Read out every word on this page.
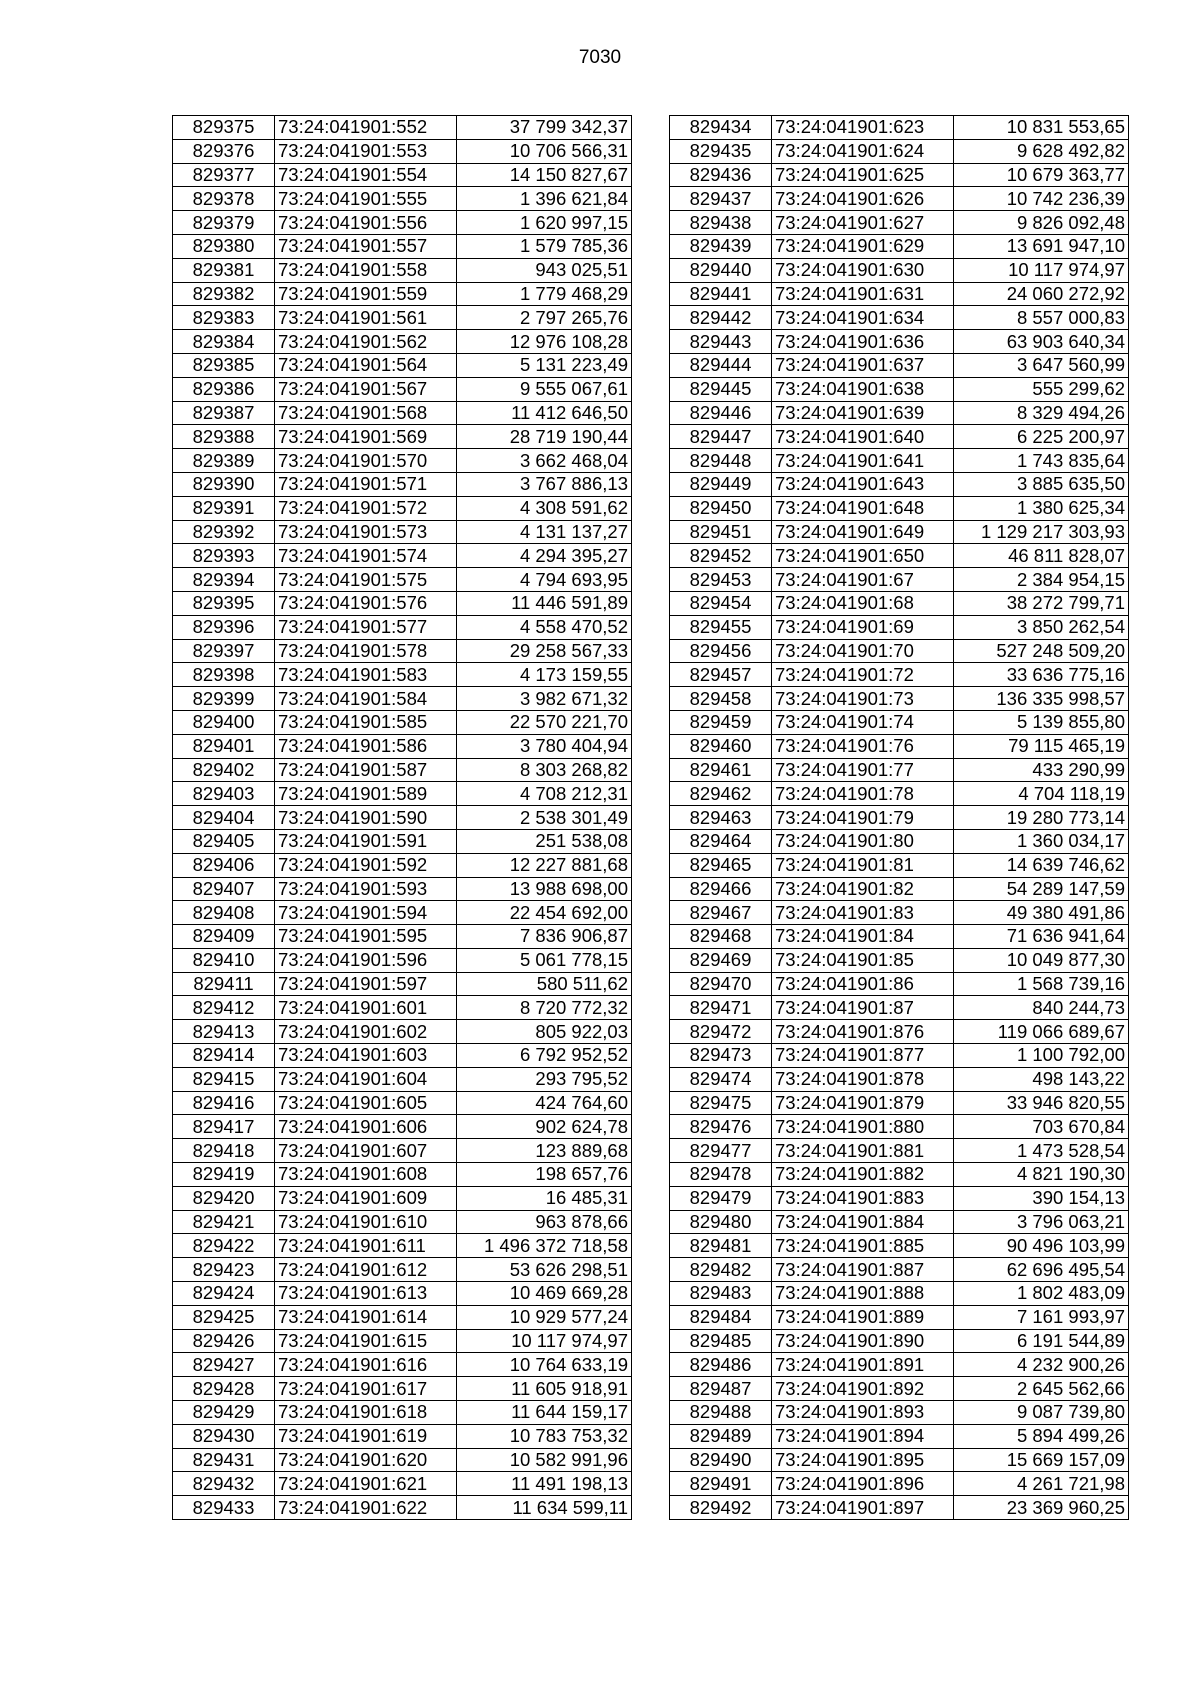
7030
829375	73:24:041901:552	37 799 342,37
829376	73:24:041901:553	10 706 566,31
829377	73:24:041901:554	14 150 827,67
829378	73:24:041901:555	1 396 621,84
829379	73:24:041901:556	1 620 997,15
829380	73:24:041901:557	1 579 785,36
829381	73:24:041901:558	943 025,51
829382	73:24:041901:559	1 779 468,29
829383	73:24:041901:561	2 797 265,76
829384	73:24:041901:562	12 976 108,28
829385	73:24:041901:564	5 131 223,49
829386	73:24:041901:567	9 555 067,61
829387	73:24:041901:568	11 412 646,50
829388	73:24:041901:569	28 719 190,44
829389	73:24:041901:570	3 662 468,04
829390	73:24:041901:571	3 767 886,13
829391	73:24:041901:572	4 308 591,62
829392	73:24:041901:573	4 131 137,27
829393	73:24:041901:574	4 294 395,27
829394	73:24:041901:575	4 794 693,95
829395	73:24:041901:576	11 446 591,89
829396	73:24:041901:577	4 558 470,52
829397	73:24:041901:578	29 258 567,33
829398	73:24:041901:583	4 173 159,55
829399	73:24:041901:584	3 982 671,32
829400	73:24:041901:585	22 570 221,70
829401	73:24:041901:586	3 780 404,94
829402	73:24:041901:587	8 303 268,82
829403	73:24:041901:589	4 708 212,31
829404	73:24:041901:590	2 538 301,49
829405	73:24:041901:591	251 538,08
829406	73:24:041901:592	12 227 881,68
829407	73:24:041901:593	13 988 698,00
829408	73:24:041901:594	22 454 692,00
829409	73:24:041901:595	7 836 906,87
829410	73:24:041901:596	5 061 778,15
829411	73:24:041901:597	580 511,62
829412	73:24:041901:601	8 720 772,32
829413	73:24:041901:602	805 922,03
829414	73:24:041901:603	6 792 952,52
829415	73:24:041901:604	293 795,52
829416	73:24:041901:605	424 764,60
829417	73:24:041901:606	902 624,78
829418	73:24:041901:607	123 889,68
829419	73:24:041901:608	198 657,76
829420	73:24:041901:609	16 485,31
829421	73:24:041901:610	963 878,66
829422	73:24:041901:611	1 496 372 718,58
829423	73:24:041901:612	53 626 298,51
829424	73:24:041901:613	10 469 669,28
829425	73:24:041901:614	10 929 577,24
829426	73:24:041901:615	10 117 974,97
829427	73:24:041901:616	10 764 633,19
829428	73:24:041901:617	11 605 918,91
829429	73:24:041901:618	11 644 159,17
829430	73:24:041901:619	10 783 753,32
829431	73:24:041901:620	10 582 991,96
829432	73:24:041901:621	11 491 198,13
829433	73:24:041901:622	11 634 599,11
829434	73:24:041901:623	10 831 553,65
829435	73:24:041901:624	9 628 492,82
829436	73:24:041901:625	10 679 363,77
829437	73:24:041901:626	10 742 236,39
829438	73:24:041901:627	9 826 092,48
829439	73:24:041901:629	13 691 947,10
829440	73:24:041901:630	10 117 974,97
829441	73:24:041901:631	24 060 272,92
829442	73:24:041901:634	8 557 000,83
829443	73:24:041901:636	63 903 640,34
829444	73:24:041901:637	3 647 560,99
829445	73:24:041901:638	555 299,62
829446	73:24:041901:639	8 329 494,26
829447	73:24:041901:640	6 225 200,97
829448	73:24:041901:641	1 743 835,64
829449	73:24:041901:643	3 885 635,50
829450	73:24:041901:648	1 380 625,34
829451	73:24:041901:649	1 129 217 303,93
829452	73:24:041901:650	46 811 828,07
829453	73:24:041901:67	2 384 954,15
829454	73:24:041901:68	38 272 799,71
829455	73:24:041901:69	3 850 262,54
829456	73:24:041901:70	527 248 509,20
829457	73:24:041901:72	33 636 775,16
829458	73:24:041901:73	136 335 998,57
829459	73:24:041901:74	5 139 855,80
829460	73:24:041901:76	79 115 465,19
829461	73:24:041901:77	433 290,99
829462	73:24:041901:78	4 704 118,19
829463	73:24:041901:79	19 280 773,14
829464	73:24:041901:80	1 360 034,17
829465	73:24:041901:81	14 639 746,62
829466	73:24:041901:82	54 289 147,59
829467	73:24:041901:83	49 380 491,86
829468	73:24:041901:84	71 636 941,64
829469	73:24:041901:85	10 049 877,30
829470	73:24:041901:86	1 568 739,16
829471	73:24:041901:87	840 244,73
829472	73:24:041901:876	119 066 689,67
829473	73:24:041901:877	1 100 792,00
829474	73:24:041901:878	498 143,22
829475	73:24:041901:879	33 946 820,55
829476	73:24:041901:880	703 670,84
829477	73:24:041901:881	1 473 528,54
829478	73:24:041901:882	4 821 190,30
829479	73:24:041901:883	390 154,13
829480	73:24:041901:884	3 796 063,21
829481	73:24:041901:885	90 496 103,99
829482	73:24:041901:887	62 696 495,54
829483	73:24:041901:888	1 802 483,09
829484	73:24:041901:889	7 161 993,97
829485	73:24:041901:890	6 191 544,89
829486	73:24:041901:891	4 232 900,26
829487	73:24:041901:892	2 645 562,66
829488	73:24:041901:893	9 087 739,80
829489	73:24:041901:894	5 894 499,26
829490	73:24:041901:895	15 669 157,09
829491	73:24:041901:896	4 261 721,98
829492	73:24:041901:897	23 369 960,25
